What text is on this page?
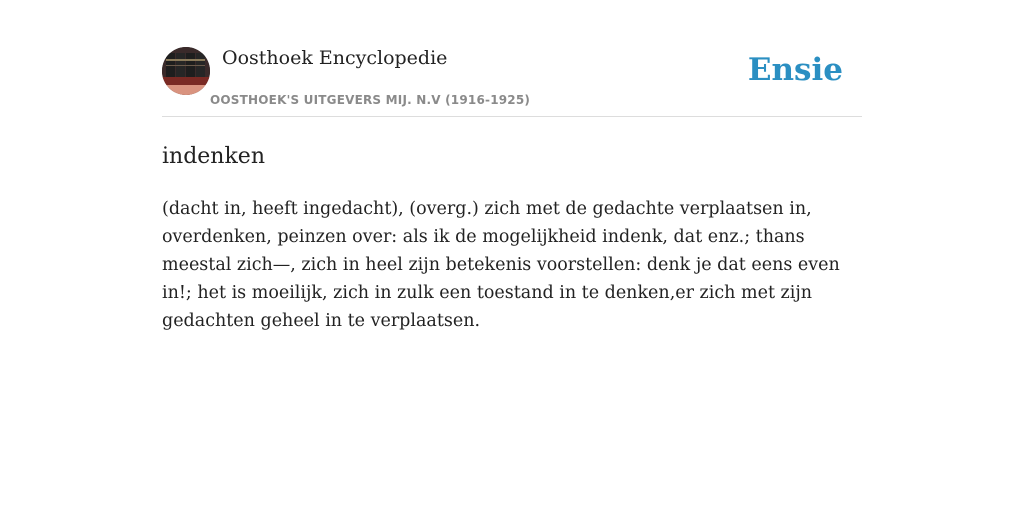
Oosthoek Encyclopedie
OOSTHOEK'S UITGEVERS MIJ. N.V (1916-1925)
Ensie
indenken

(dacht in, heeft ingedacht), (overg.) zich met de gedachte verplaatsen in, overdenken, peinzen over: als ik de mogelijkheid indenk, dat enz.; thans meestal zich—, zich in heel zijn betekenis voorstellen: denk je dat eens even in!; het is moeilijk, zich in zulk een toestand in te denken,er zich met zijn gedachten geheel in te verplaatsen.
